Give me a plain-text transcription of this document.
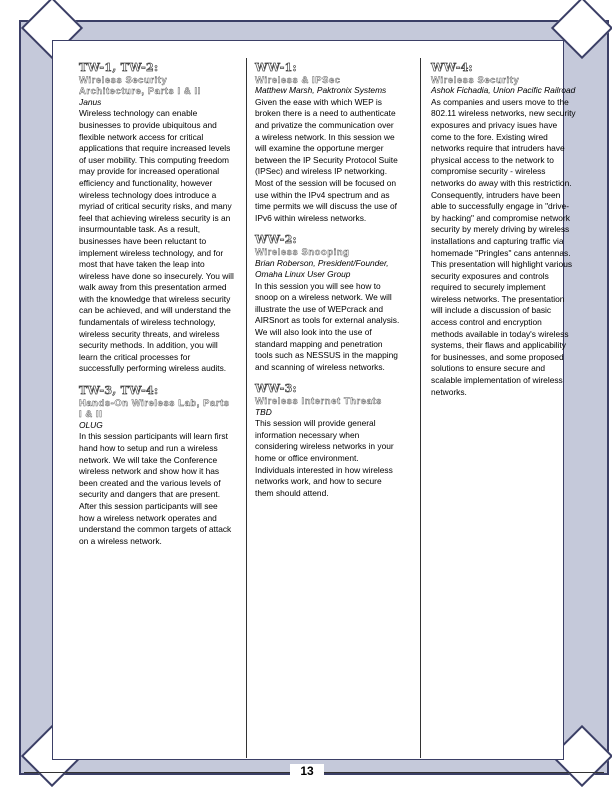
TW-1, TW-2:

Wireless Security Architecture, Parts I & II
Janus

Wireless technology can enable businesses to provide ubiquitous and flexible network access for critical applications that require increased levels of user mobility. This computing freedom may provide for increased operational efficiency and functionality, however wireless technology does introduce a myriad of critical security risks, and many feel that achieving wireless security is an insurmountable task. As a result, businesses have been reluctant to implement wireless technology, and for most that have taken the leap into wireless have done so insecurely. You will walk away from this presentation armed with the knowledge that wireless security can be achieved, and will understand the fundamentals of wireless technology, wireless security threats, and wireless security methods. In addition, you will learn the critical processes for successfully performing wireless audits.

TW-3, TW-4:

Hands-On Wireless Lab, Parts I & II
OLUG

In this session participants will learn first hand how to setup and run a wireless network. We will take the Conference wireless network and show how it has been created and the various levels of security and dangers that are present. After this session participants will see how a wireless network operates and understand the common targets of attack on a wireless network.

WW-1:

Wireless & IPSec
Matthew Marsh, Paktronix Systems

Given the ease with which WEP is broken there is a need to authenticate and privatize the communication over a wireless network. In this session we will examine the opportune merger between the IP Security Protocol Suite (IPSec) and wireless IP networking. Most of the session will be focused on use within the IPv4 spectrum and as time permits we will discuss the use of IPv6 within wireless networks.

WW-2:

Wireless Snooping
Brian Roberson, President/Founder, Omaha Linux User Group

In this session you will see how to snoop on a wireless network. We will illustrate the use of WEPcrack and AIRSnort as tools for external analysis. We will also look into the use of standard mapping and penetration tools such as NESSUS in the mapping and scanning of wireless networks.

WW-3:

Wireless Internet Threats
TBD

This session will provide general information necessary when considering wireless networks in your home or office environment. Individuals interested in how wireless networks work, and how to secure them should attend.

WW-4:

Wireless Security
Ashok Fichadia, Union Pacific Railroad

As companies and users move to the 802.11 wireless networks, new security exposures and privacy isues have come to the fore. Existing wired networks require that intruders have physical access to the network to compromise security - wireless networks do away with this restriction. Consequently, intruders have been able to successfully engage in "drive-by hacking" and compromise network security by merely driving by wireless installations and capturing traffic via homemade "Pringles" cans antennas. This presentation will highlight various security exposures and controls required to securely implement wireless networks. The presentation will include a discussion of basic access control and encryption methods available in today's wireless systems, their flaws and applicability for businesses, and some proposed solutions to ensure secure and scalable implementation of wireless networks.

13
